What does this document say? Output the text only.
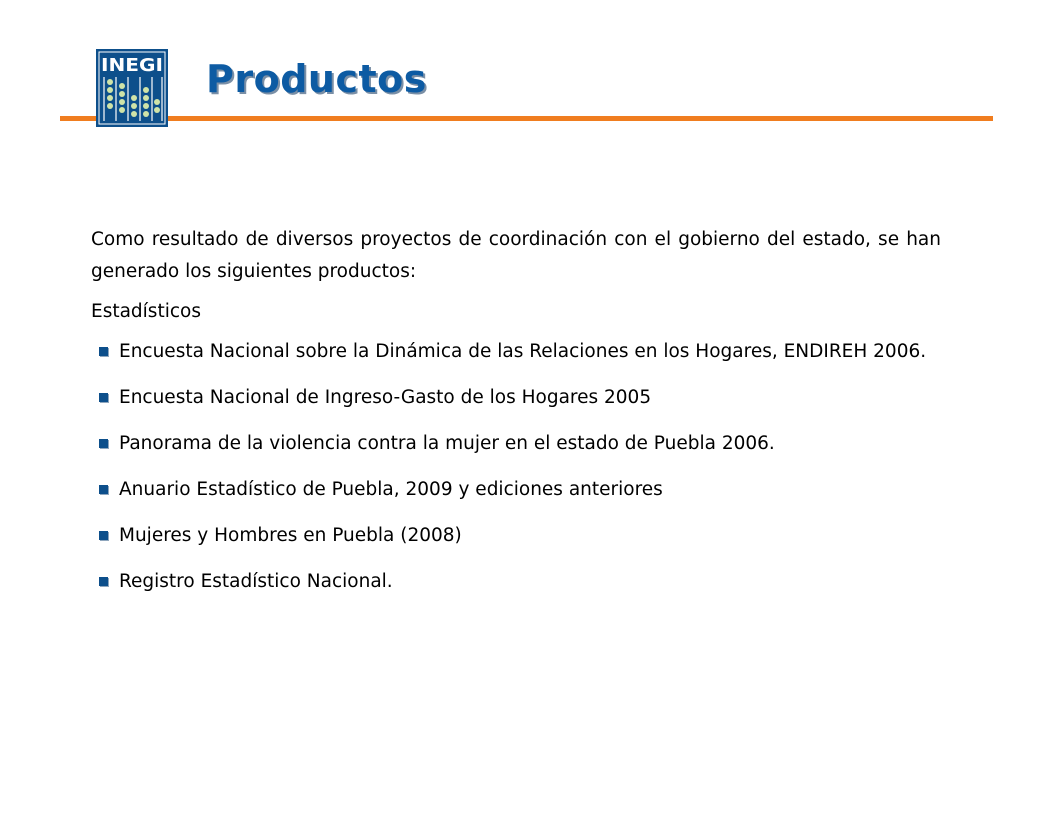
INEGI Productos

Como resultado de diversos proyectos de coordinación con el gobierno del estado, se han generado los siguientes productos:

Estadísticos

Encuesta Nacional sobre la Dinámica de las Relaciones en los Hogares, ENDIREH 2006.
Encuesta Nacional de Ingreso-Gasto de los Hogares 2005
Panorama de la violencia contra la mujer en el estado de Puebla 2006.
Anuario Estadístico de Puebla, 2009 y ediciones anteriores
Mujeres y Hombres en Puebla (2008)
Registro Estadístico Nacional.
